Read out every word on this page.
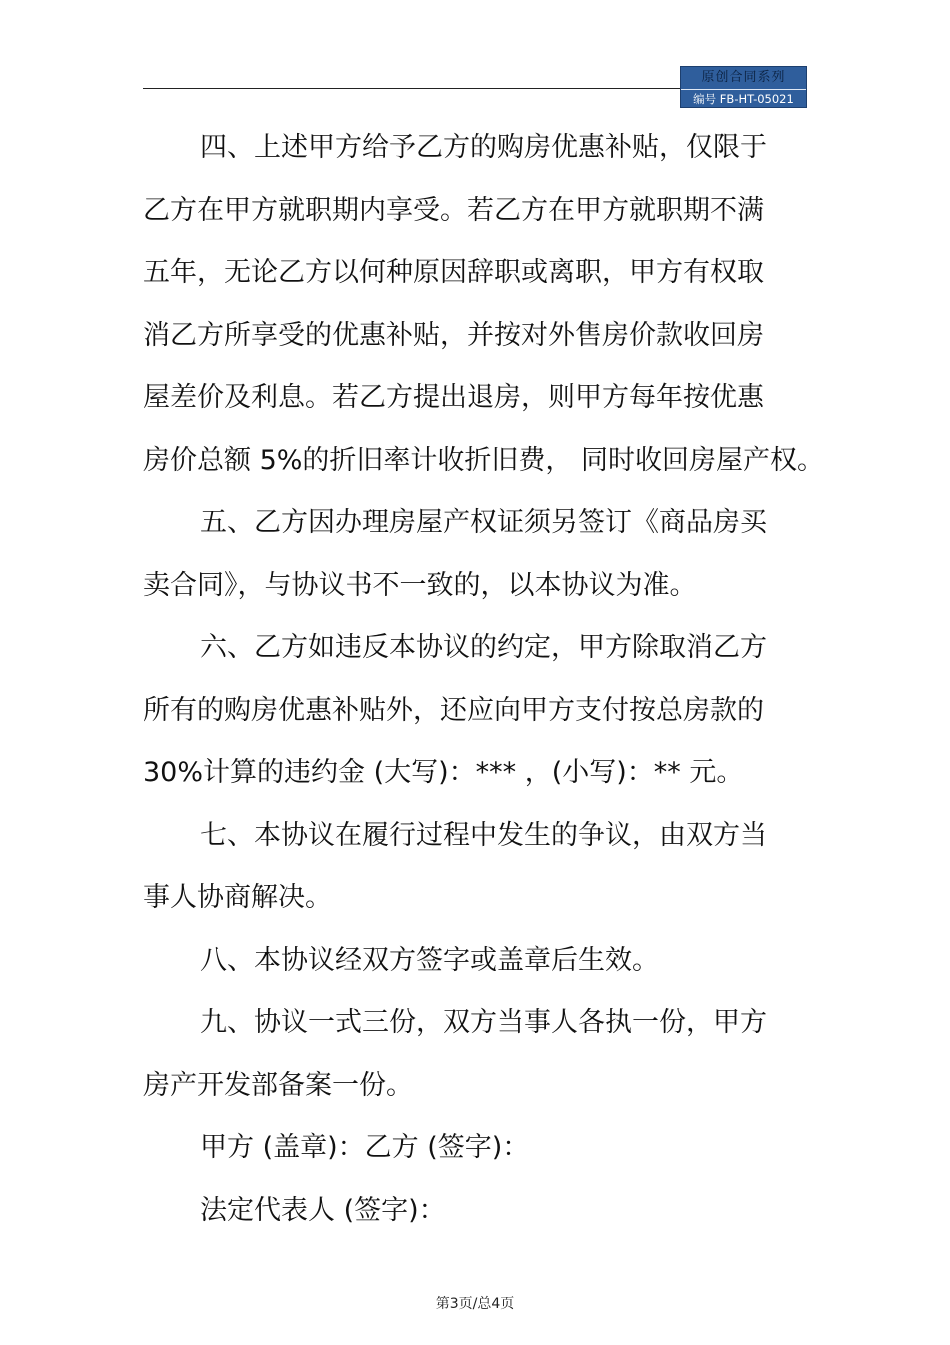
原创合同系列
编号 FB-HT-05021
四、上述甲方给予乙方的购房优惠补贴，仅限于
乙方在甲方就职期内享受。若乙方在甲方就职期不满
五年，无论乙方以何种原因辞职或离职，甲方有权取
消乙方所享受的优惠补贴，并按对外售房价款收回房
屋差价及利息。若乙方提出退房，则甲方每年按优惠
房价总额 5%的折旧率计收折旧费， 同时收回房屋产权。
五、乙方因办理房屋产权证须另签订《商品房买
卖合同》，与协议书不一致的，以本协议为准。
六、乙方如违反本协议的约定，甲方除取消乙方
所有的购房优惠补贴外，还应向甲方支付按总房款的
30%计算的违约金 (大写)：*** ，(小写)：** 元。
七、本协议在履行过程中发生的争议，由双方当
事人协商解决。
八、本协议经双方签字或盖章后生效。
九、协议一式三份，双方当事人各执一份，甲方
房产开发部备案一份。
甲方 (盖章)：乙方 (签字)：
法定代表人 (签字)：
第3页/总4页
